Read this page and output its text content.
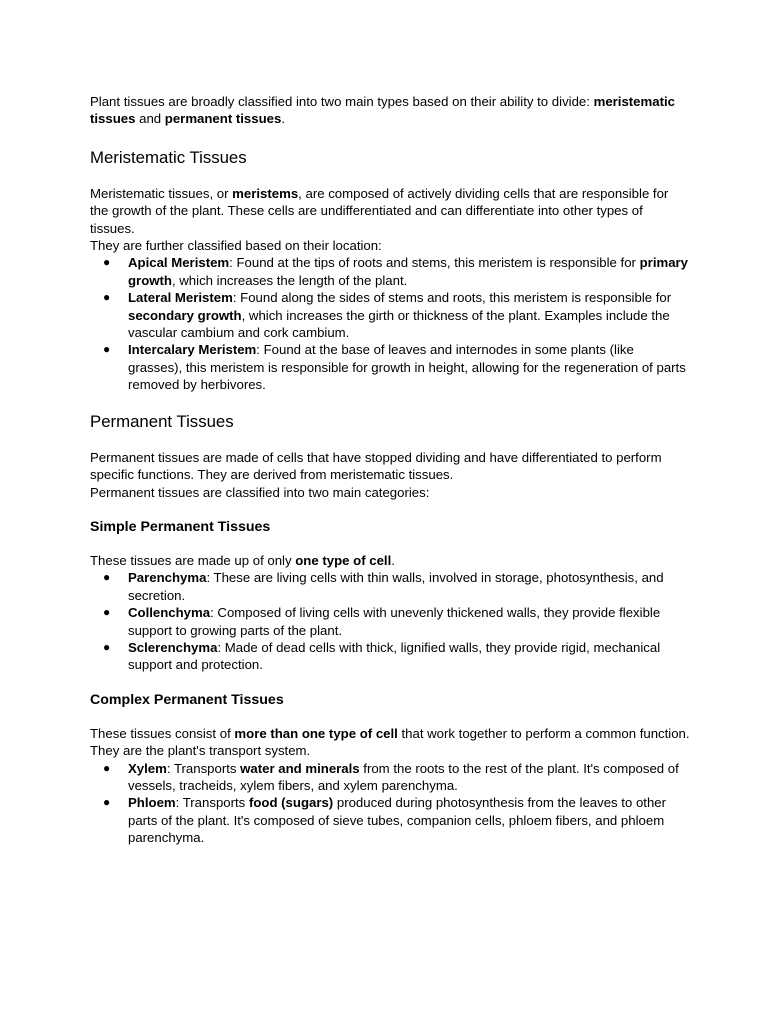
Plant tissues are broadly classified into two main types based on their ability to divide: meristematic tissues and permanent tissues.

Meristematic Tissues

Meristematic tissues, or meristems, are composed of actively dividing cells that are responsible for the growth of the plant. These cells are undifferentiated and can differentiate into other types of tissues.

They are further classified based on their location:

● Apical Meristem: Found at the tips of roots and stems, this meristem is responsible for primary growth, which increases the length of the plant.
● Lateral Meristem: Found along the sides of stems and roots, this meristem is responsible for secondary growth, which increases the girth or thickness of the plant. Examples include the vascular cambium and cork cambium.
● Intercalary Meristem: Found at the base of leaves and internodes in some plants (like grasses), this meristem is responsible for growth in height, allowing for the regeneration of parts removed by herbivores.
Permanent Tissues

Permanent tissues are made of cells that have stopped dividing and have differentiated to perform specific functions. They are derived from meristematic tissues.

Permanent tissues are classified into two main categories:

Simple Permanent Tissues

These tissues are made up of only one type of cell.

● Parenchyma: These are living cells with thin walls, involved in storage, photosynthesis, and secretion.
● Collenchyma: Composed of living cells with unevenly thickened walls, they provide flexible support to growing parts of the plant.
● Sclerenchyma: Made of dead cells with thick, lignified walls, they provide rigid, mechanical support and protection.
Complex Permanent Tissues

These tissues consist of more than one type of cell that work together to perform a common function. They are the plant's transport system.

● Xylem: Transports water and minerals from the roots to the rest of the plant. It's composed of vessels, tracheids, xylem fibers, and xylem parenchyma.
● Phloem: Transports food (sugars) produced during photosynthesis from the leaves to other parts of the plant. It's composed of sieve tubes, companion cells, phloem fibers, and phloem parenchyma.
